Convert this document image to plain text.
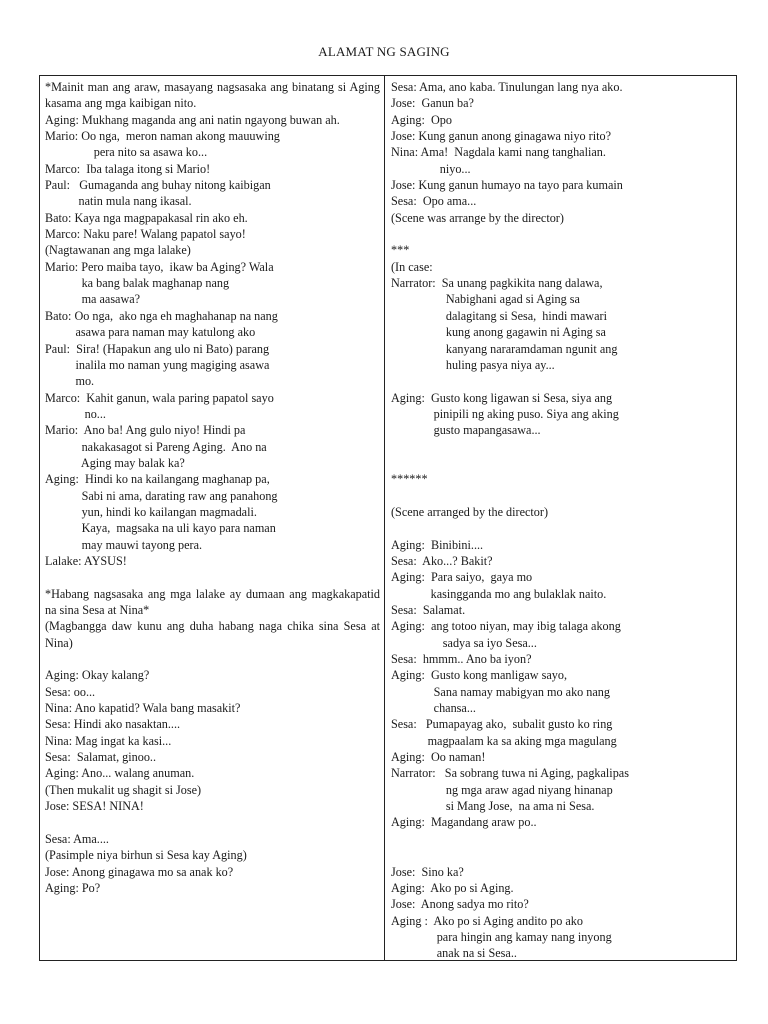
ALAMAT NG SAGING
*Mainit man ang araw, masayang nagsasaka ang binatang si Aging kasama ang mga kaibigan nito.
Aging: Mukhang maganda ang ani natin ngayong buwan ah.
Mario: Oo nga,  meron naman akong mauuwing
pera nito sa asawa ko...
Marco:  Iba talaga itong si Mario!
Paul:   Gumaganda ang buhay nitong kaibigan
natin mula nang ikasal.
Bato: Kaya nga magpapakasal rin ako eh.
Marco: Naku pare! Walang papatol sayo!
(Nagtawanan ang mga lalake)
Mario: Pero maiba tayo,  ikaw ba Aging? Wala
ka bang balak maghanap nang
ma aasawa?
Bato: Oo nga,  ako nga eh maghahanap na nang
asawa para naman may katulong ako
Paul:  Sira! (Hapakun ang ulo ni Bato) parang
inalila mo naman yung magiging asawa
mo.
Marco:  Kahit ganun, wala paring papatol sayo
no...
Mario:  Ano ba! Ang gulo niyo! Hindi pa
nakakasagot si Pareng Aging.  Ano na
Aging may balak ka?
Aging:  Hindi ko na kailangang maghanap pa,
Sabi ni ama, darating raw ang panahong
yun, hindi ko kailangan magmadali.
Kaya,  magsaka na uli kayo para naman
may mauwi tayong pera.
Lalake: AYSUS!
*Habang nagsasaka ang mga lalake ay dumaan ang magkakapatid na sina Sesa at Nina*
(Magbangga daw kunu ang duha habang naga chika sina Sesa at Nina)
Aging: Okay kalang?
Sesa: oo...
Nina: Ano kapatid? Wala bang masakit?
Sesa: Hindi ako nasaktan....
Nina: Mag ingat ka kasi...
Sesa:  Salamat, ginoo..
Aging: Ano... walang anuman.
(Then mukalit ug shagit si Jose)
Jose: SESA! NINA!
Sesa: Ama....
(Pasimple niya birhun si Sesa kay Aging)
Jose: Anong ginagawa mo sa anak ko?
Aging: Po?
Sesa: Ama, ano kaba. Tinulungan lang nya ako.
Jose:  Ganun ba?
Aging:  Opo
Jose: Kung ganun anong ginagawa niyo rito?
Nina: Ama!  Nagdala kami nang tanghalian.
niyo...
Jose: Kung ganun humayo na tayo para kumain
Sesa:  Opo ama...
(Scene was arrange by the director)
***
(In case:
Narrator:  Sa unang pagkikita nang dalawa,
Nabighani agad si Aging sa
dalagitang si Sesa,  hindi mawari
kung anong gagawin ni Aging sa
kanyang nararamdaman ngunit ang
huling pasya niya ay...
Aging:  Gusto kong ligawan si Sesa, siya ang
pinipili ng aking puso. Siya ang aking
gusto mapangasawa...
******
(Scene arranged by the director)
Aging:  Binibini....
Sesa:  Ako...? Bakit?
Aging:  Para saiyo,  gaya mo
kasingganda mo ang bulaklak naito.
Sesa:  Salamat.
Aging:  ang totoo niyan, may ibig talaga akong
sadya sa iyo Sesa...
Sesa:  hmmm.. Ano ba iyon?
Aging:  Gusto kong manligaw sayo,
Sana namay mabigyan mo ako nang
chansa...
Sesa:   Pumapayag ako,  subalit gusto ko ring
magpaalam ka sa aking mga magulang
Aging:  Oo naman!
Narrator:   Sa sobrang tuwa ni Aging, pagkalipas
ng mga araw agad niyang hinanap
si Mang Jose,  na ama ni Sesa.
Aging:  Magandang araw po..
Jose:  Sino ka?
Aging:  Ako po si Aging.
Jose:  Anong sadya mo rito?
Aging :  Ako po si Aging andito po ako
para hingin ang kamay nang inyong
anak na si Sesa..
